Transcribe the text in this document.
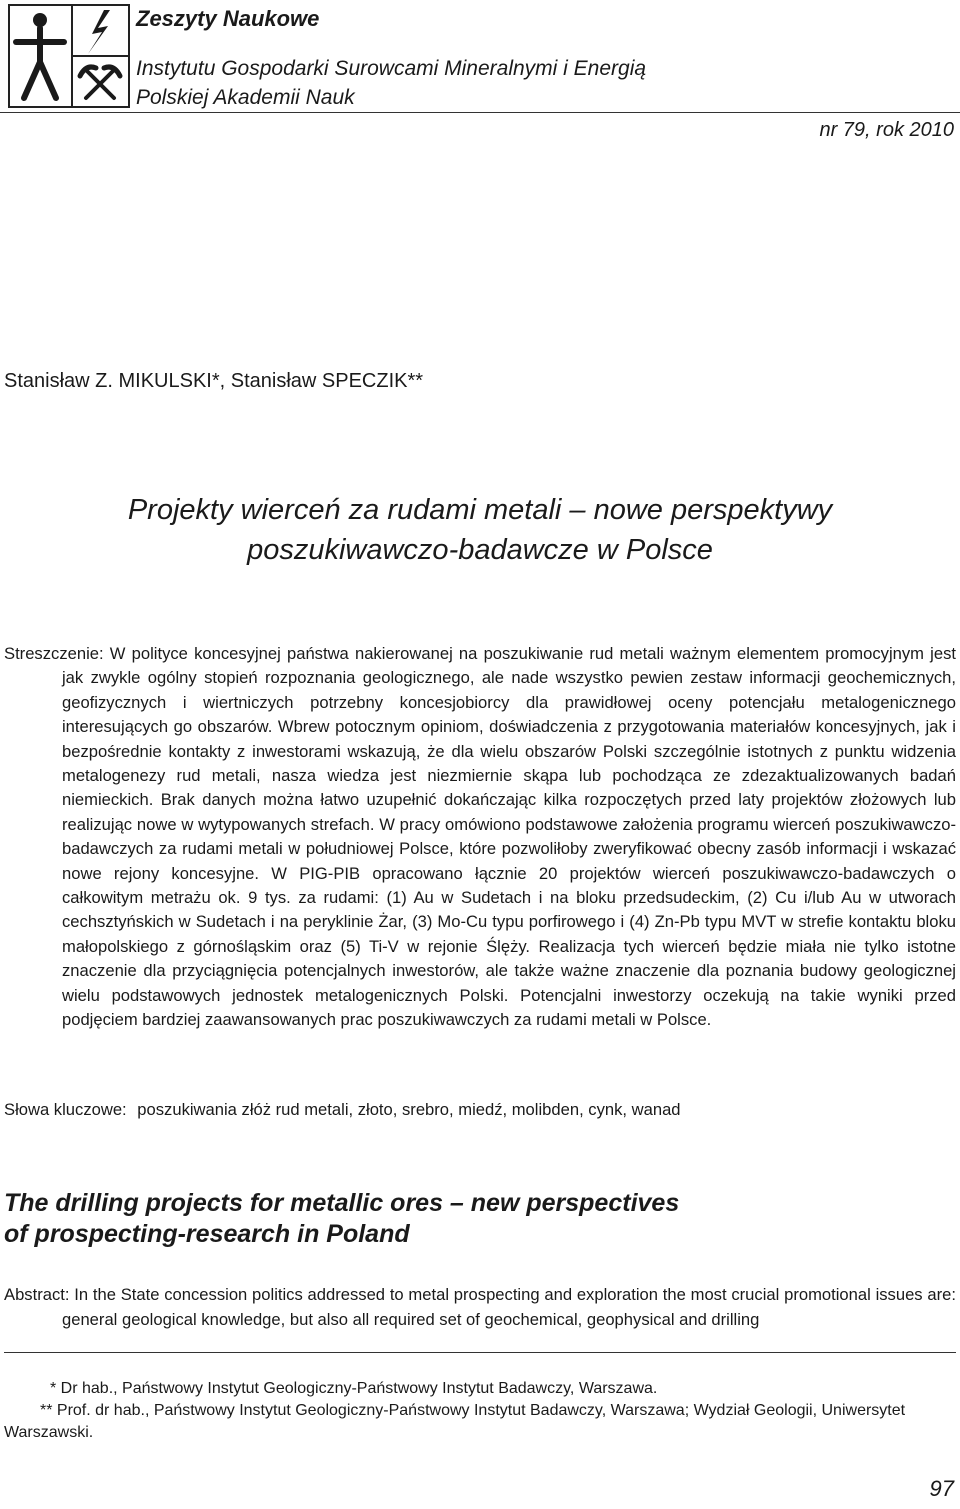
Zeszyty Naukowe
Instytutu Gospodarki Surowcami Mineralnymi i Energią
Polskiej Akademii Nauk
nr 79, rok 2010
Stanisław Z. MIKULSKI*, Stanisław SPECZIK**
Projekty wierceń za rudami metali – nowe perspektywy
poszukiwawczo-badawcze w Polsce

Streszczenie: W polityce koncesyjnej państwa nakierowanej na poszukiwanie rud metali ważnym elementem promocyjnym jest jak zwykle ogólny stopień rozpoznania geologicznego, ale nade wszystko pewien zestaw informacji geochemicznych, geofizycznych i wiertniczych potrzebny koncesjobiorcy dla prawidłowej oceny potencjału metalogenicznego interesujących go obszarów. Wbrew potocznym opiniom, doświadczenia z przygotowania materiałów koncesyjnych, jak i bezpośrednie kontakty z inwestorami wskazują, że dla wielu obszarów Polski szczególnie istotnych z punktu widzenia metalogenezy rud metali, nasza wiedza jest niezmiernie skąpa lub pochodząca ze zdezaktualizowanych badań niemieckich. Brak danych można łatwo uzupełnić dokańczając kilka rozpoczętych przed laty projektów złożowych lub realizując nowe w wytypowanych strefach. W pracy omówiono podstawowe założenia programu wierceń poszukiwawczo-badawczych za rudami metali w południowej Polsce, które pozwoliłoby zweryfikować obecny zasób informacji i wskazać nowe rejony koncesyjne. W PIG-PIB opracowano łącznie 20 projektów wierceń poszukiwawczo-badawczych o całkowitym metrażu ok. 9 tys. za rudami: (1) Au w Sudetach i na bloku przedsudeckim, (2) Cu i/lub Au w utworach cechsztyńskich w Sudetach i na peryklinie Żar, (3) Mo-Cu typu porfirowego i (4) Zn-Pb typu MVT w strefie kontaktu bloku małopolskiego z górnośląskim oraz (5) Ti-V w rejonie Ślęży. Realizacja tych wierceń będzie miała nie tylko istotne znaczenie dla przyciągnięcia potencjalnych inwestorów, ale także ważne znaczenie dla poznania budowy geologicznej wielu podstawowych jednostek metalogenicznych Polski. Potencjalni inwestorzy oczekują na takie wyniki przed podjęciem bardziej zaawansowanych prac poszukiwawczych za rudami metali w Polsce.

Słowa kluczowe: poszukiwania złóż rud metali, złoto, srebro, miedź, molibden, cynk, wanad
The drilling projects for metallic ores – new perspectives
of prospecting-research in Poland

Abstract: In the State concession politics addressed to metal prospecting and exploration the most crucial promotional issues are: general geological knowledge, but also all required set of geochemical, geophysical and drilling

* Dr hab., Państwowy Instytut Geologiczny-Państwowy Instytut Badawczy, Warszawa.
** Prof. dr hab., Państwowy Instytut Geologiczny-Państwowy Instytut Badawczy, Warszawa; Wydział Geologii, Uniwersytet Warszawski.
97
